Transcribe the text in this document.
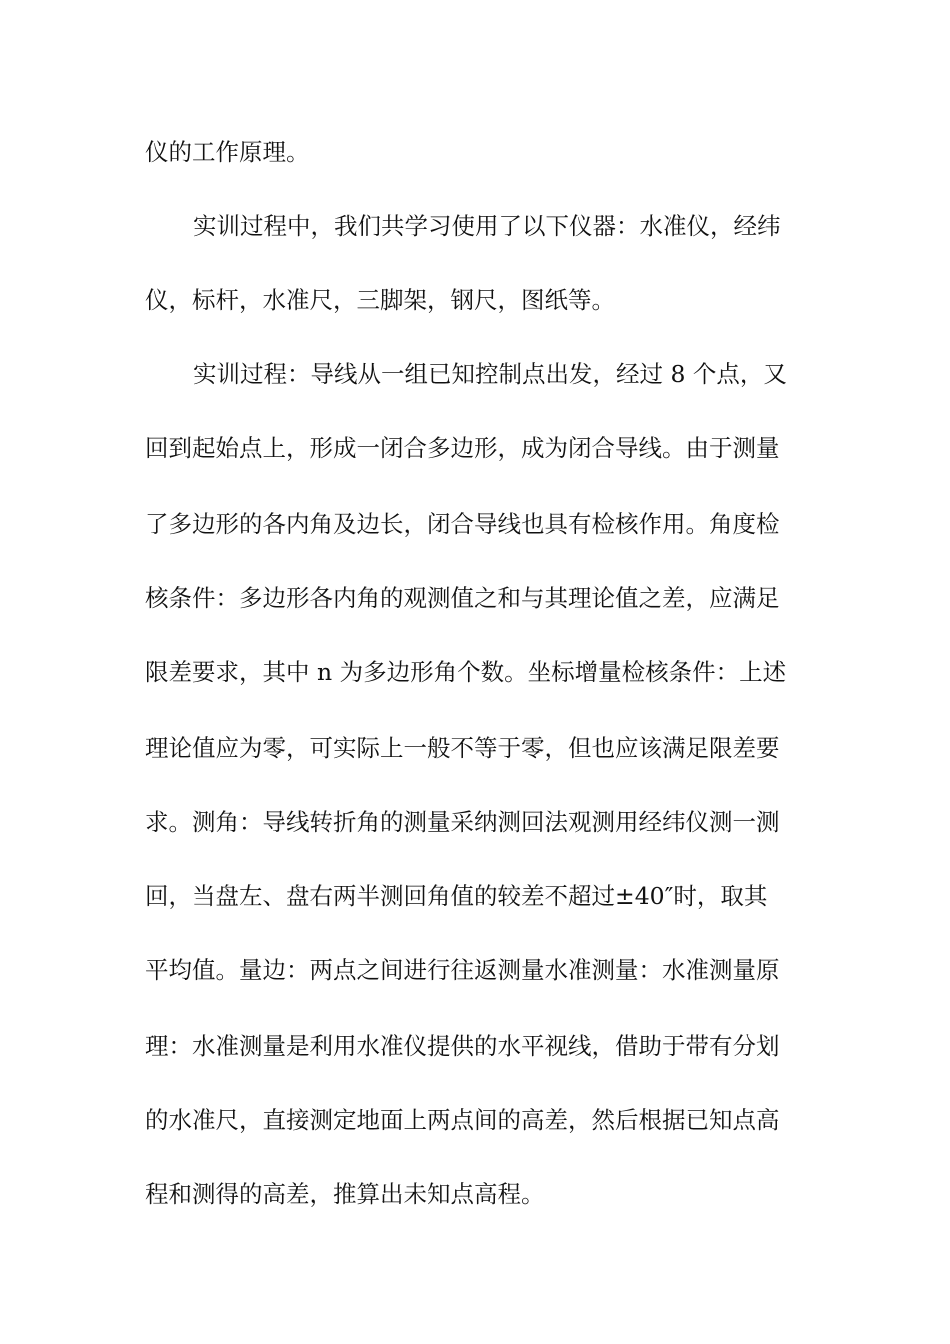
仪的工作原理。
实训过程中，我们共学习使用了以下仪器：水准仪，经纬
仪，标杆，水准尺，三脚架，钢尺，图纸等。
实训过程：导线从一组已知控制点出发，经过 8 个点，又
回到起始点上，形成一闭合多边形，成为闭合导线。由于测量
了多边形的各内角及边长，闭合导线也具有检核作用。角度检
核条件：多边形各内角的观测值之和与其理论值之差，应满足
限差要求，其中 n 为多边形角个数。坐标增量检核条件：上述
理论值应为零，可实际上一般不等于零，但也应该满足限差要
求。测角：导线转折角的测量采纳测回法观测用经纬仪测一测
回，当盘左、盘右两半测回角值的较差不超过±40″时，取其
平均值。量边：两点之间进行往返测量水准测量：水准测量原
理：水准测量是利用水准仪提供的水平视线，借助于带有分划
的水准尺，直接测定地面上两点间的高差，然后根据已知点高
程和测得的高差，推算出未知点高程。
